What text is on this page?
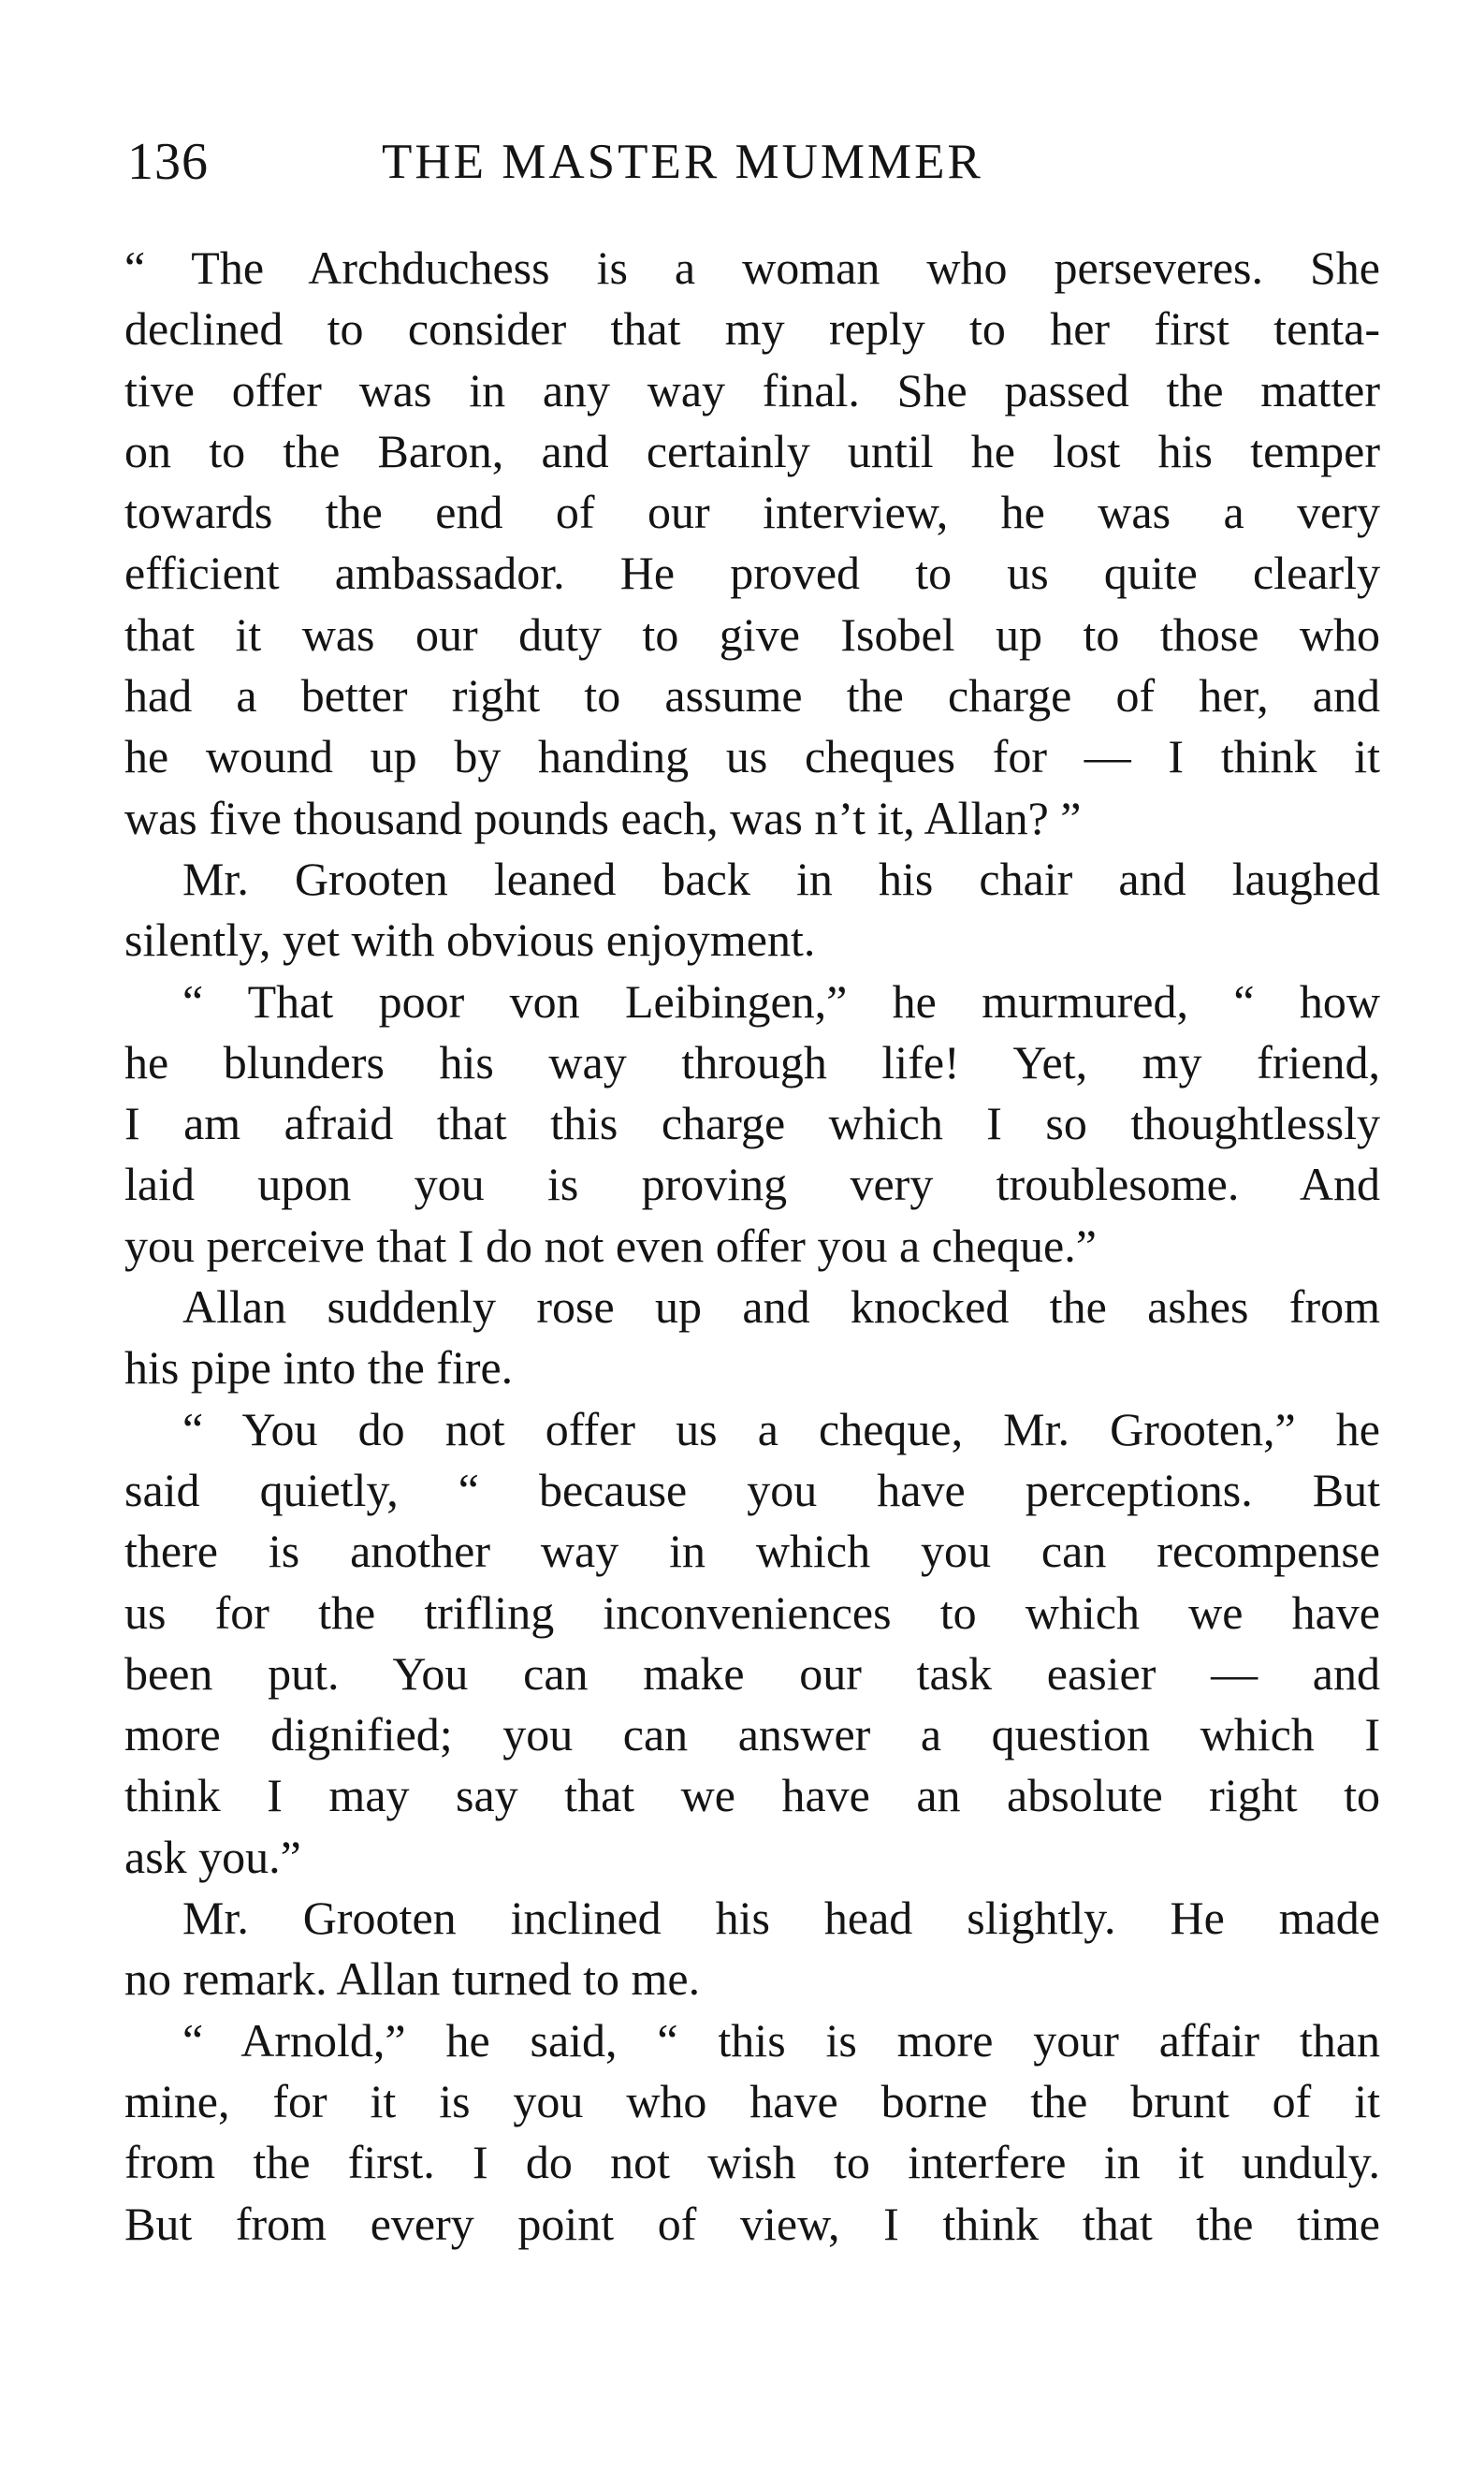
136	THE MASTER MUMMER
“ The Archduchess is a woman who perseveres. She
declined to consider that my reply to her first tenta-
tive offer was in any way final. She passed the matter
on to the Baron, and certainly until he lost his temper
towards the end of our interview, he was a very
efficient ambassador. He proved to us quite clearly
that it was our duty to give Isobel up to those who
had a better right to assume the charge of her, and
he wound up by handing us cheques for — I think it
was five thousand pounds each, was n’t it, Allan? ”
Mr. Grooten leaned back in his chair and laughed
silently, yet with obvious enjoyment.
“ That poor von Leibingen,” he murmured, “ how
he blunders his way through life! Yet, my friend,
I am afraid that this charge which I so thoughtlessly
laid upon you is proving very troublesome. And
you perceive that I do not even offer you a cheque.”
Allan suddenly rose up and knocked the ashes from
his pipe into the fire.
“ You do not offer us a cheque, Mr. Grooten,” he
said quietly, “ because you have perceptions. But
there is another way in which you can recompense
us for the trifling inconveniences to which we have
been put. You can make our task easier — and
more dignified; you can answer a question which I
think I may say that we have an absolute right to
ask you.”
Mr. Grooten inclined his head slightly. He made
no remark. Allan turned to me.
“ Arnold,” he said, “ this is more your affair than
mine, for it is you who have borne the brunt of it
from the first. I do not wish to interfere in it unduly.
But from every point of view, I think that the time
